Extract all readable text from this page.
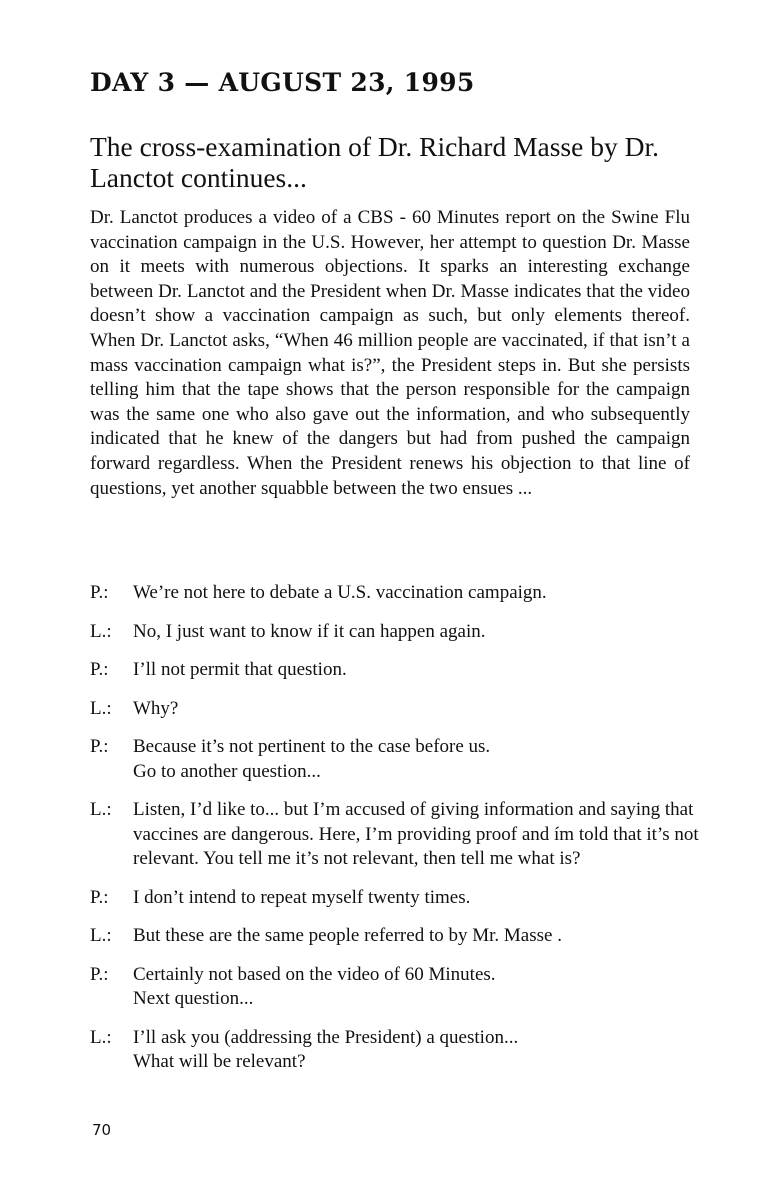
DAY 3 — AUGUST 23, 1995
The cross-examination of Dr. Richard Masse by Dr. Lanctot continues...

Dr. Lanctot produces a video of a CBS - 60 Minutes report on the Swine Flu vaccination campaign in the U.S. However, her attempt to question Dr. Masse on it meets with numerous objections. It sparks an interesting exchange between Dr. Lanctot and the President when Dr. Masse indicates that the video doesn’t show a vaccination campaign as such, but only elements thereof. When Dr. Lanctot asks, “When 46 million people are vaccinated, if that isn’t a mass vaccination campaign what is?”, the President steps in. But she persists telling him that the tape shows that the person responsible for the campaign was the same one who also gave out the information, and who subsequently indicated that he knew of the dangers but had from pushed the campaign forward regardless. When the President renews his objection to that line of questions, yet another squabble between the two ensues ...

P.:	We’re not here to debate a U.S. vaccination campaign.
L.:	No, I just want to know if it can happen again.
P.:	I’ll not permit that question.
L.:	Why?
P.:	Because it’s not pertinent to the case before us.
Go to another question...
L.:	Listen, I’d like to... but I’m accused of giving information and saying that vaccines are dangerous. Here, I’m providing proof and ím told that it’s not relevant. You tell me it’s not relevant, then tell me what is?
P.:	I don’t intend to repeat myself twenty times.
L.:	But these are the same people referred to by Mr. Masse .
P.:	Certainly not based on the video of 60 Minutes.
Next question...
L.:	I’ll ask you (addressing the President) a question...
What will be relevant?

70
